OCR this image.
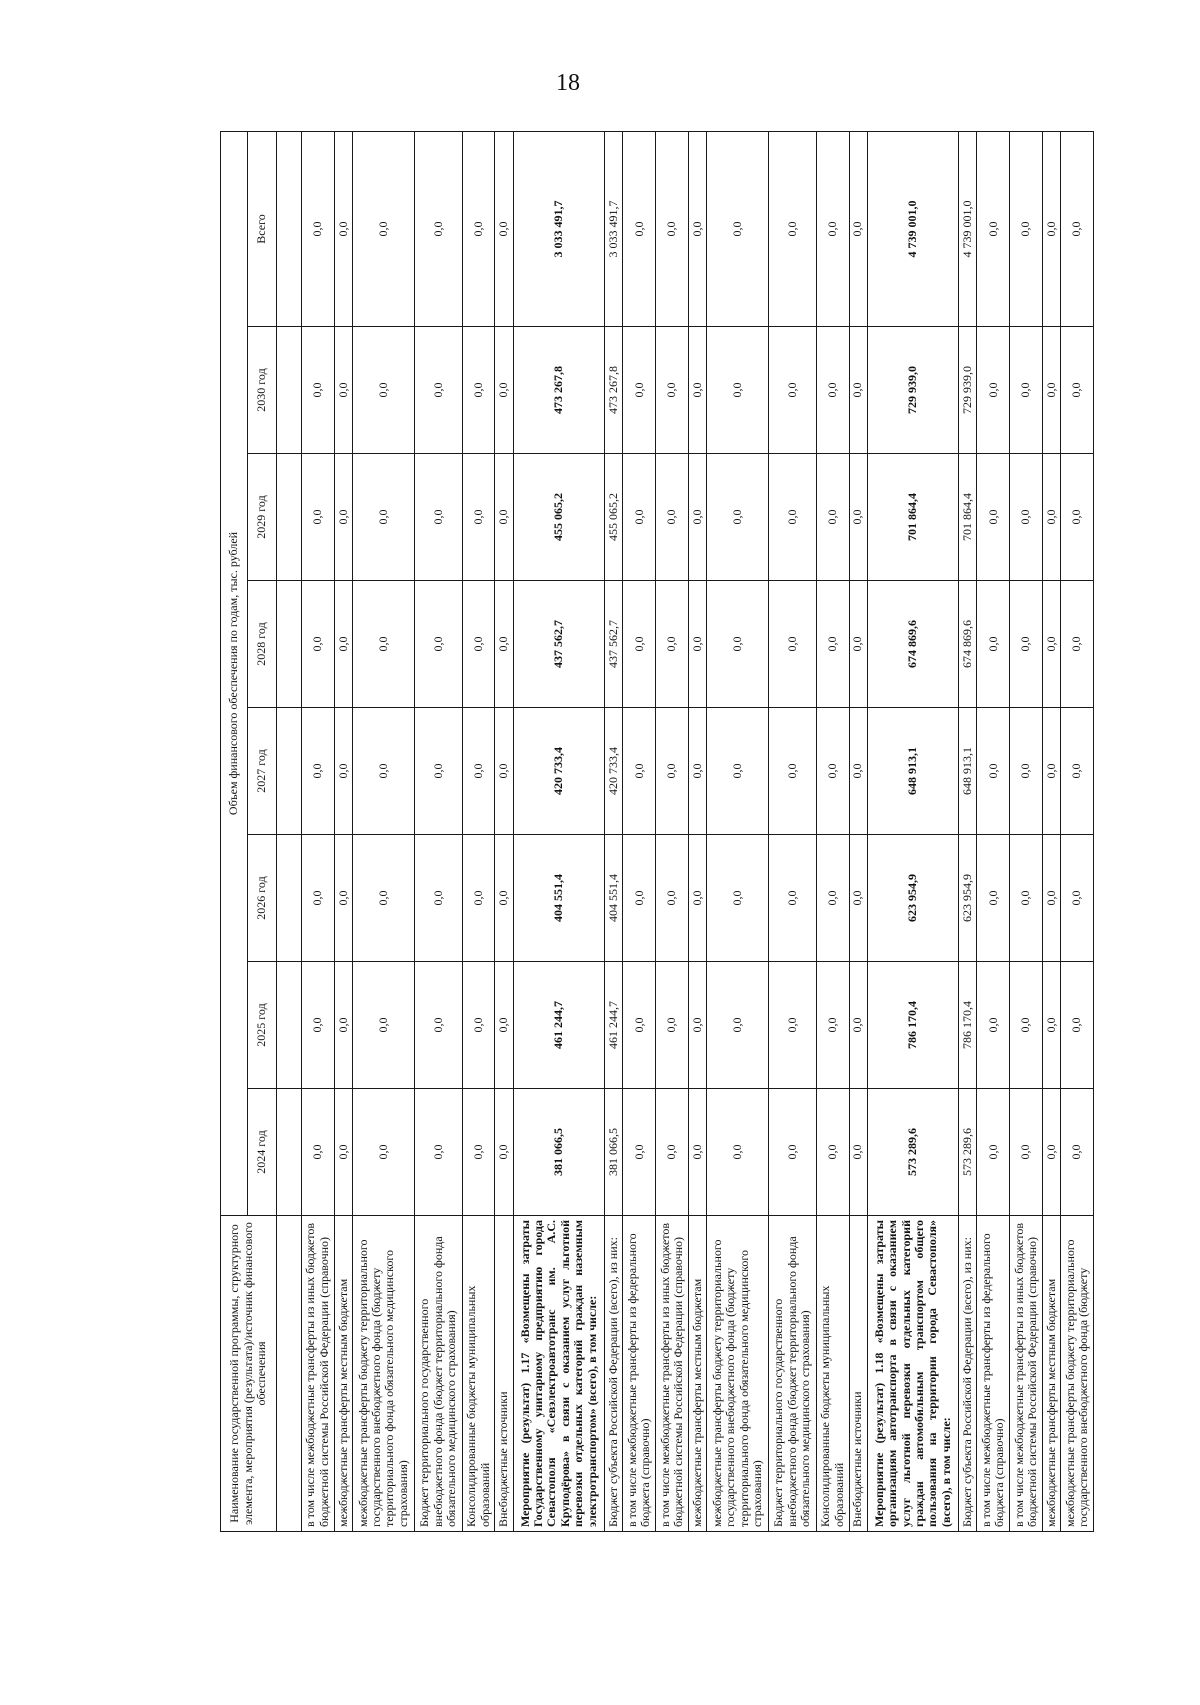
18
Наименование государственной программы, структурного элемента, мероприятия (результата)/источник финансового обеспечения	Объем финансового обеспечения по годам, тыс. рублей							
	2024 год	2025 год	2026 год	2027 год	2028 год	2029 год	2030 год	Всего

в том числе межбюджетные трансферты из иных бюджетов бюджетной системы Российской Федерации (справочно)	0,0	0,0	0,0	0,0	0,0	0,0	0,0	0,0
межбюджетные трансферты местным бюджетам	0,0	0,0	0,0	0,0	0,0	0,0	0,0	0,0
межбюджетные трансферты бюджету территориального государственного внебюджетного фонда (бюджету территориального фонда обязательного медицинского страхования)	0,0	0,0	0,0	0,0	0,0	0,0	0,0	0,0
Бюджет территориального государственного внебюджетного фонда (бюджет территориального фонда обязательного медицинского страхования)	0,0	0,0	0,0	0,0	0,0	0,0	0,0	0,0
Консолидированные бюджеты муниципальных образований	0,0	0,0	0,0	0,0	0,0	0,0	0,0	0,0
Внебюджетные источники	0,0	0,0	0,0	0,0	0,0	0,0	0,0	0,0
Мероприятие (результат) 1.17 «Возмещены затраты Государственному унитарному предприятию города Севастополя «Севэлектроавтотранс им. А.С. Круподёрова» в связи с оказанием услуг льготной перевозки отдельных категорий граждан наземным электротранспортом» (всего), в том числе:	381 066,5	461 244,7	404 551,4	420 733,4	437 562,7	455 065,2	473 267,8	3 033 491,7
Бюджет субъекта Российской Федерации (всего), из них:	381 066,5	461 244,7	404 551,4	420 733,4	437 562,7	455 065,2	473 267,8	3 033 491,7
в том числе межбюджетные трансферты из федерального бюджета (справочно)	0,0	0,0	0,0	0,0	0,0	0,0	0,0	0,0
в том числе межбюджетные трансферты из иных бюджетов бюджетной системы Российской Федерации (справочно)	0,0	0,0	0,0	0,0	0,0	0,0	0,0	0,0
межбюджетные трансферты местным бюджетам	0,0	0,0	0,0	0,0	0,0	0,0	0,0	0,0
межбюджетные трансферты бюджету территориального государственного внебюджетного фонда (бюджету территориального фонда обязательного медицинского страхования)	0,0	0,0	0,0	0,0	0,0	0,0	0,0	0,0
Бюджет территориального государственного внебюджетного фонда (бюджет территориального фонда обязательного медицинского страхования)	0,0	0,0	0,0	0,0	0,0	0,0	0,0	0,0
Консолидированные бюджеты муниципальных образований	0,0	0,0	0,0	0,0	0,0	0,0	0,0	0,0
Внебюджетные источники	0,0	0,0	0,0	0,0	0,0	0,0	0,0	0,0
Мероприятие (результат) 1.18 «Возмещены затраты организациям автотранспорта в связи с оказанием услуг льготной перевозки отдельных категорий граждан автомобильным транспортом общего пользования на территории города Севастополя» (всего), в том числе:	573 289,6	786 170,4	623 954,9	648 913,1	674 869,6	701 864,4	729 939,0	4 739 001,0
Бюджет субъекта Российской Федерации (всего), из них:	573 289,6	786 170,4	623 954,9	648 913,1	674 869,6	701 864,4	729 939,0	4 739 001,0
в том числе межбюджетные трансферты из федерального бюджета (справочно)	0,0	0,0	0,0	0,0	0,0	0,0	0,0	0,0
в том числе межбюджетные трансферты из иных бюджетов бюджетной системы Российской Федерации (справочно)	0,0	0,0	0,0	0,0	0,0	0,0	0,0	0,0
межбюджетные трансферты местным бюджетам	0,0	0,0	0,0	0,0	0,0	0,0	0,0	0,0
межбюджетные трансферты бюджету территориального государственного внебюджетного фонда (бюджету	0,0	0,0	0,0	0,0	0,0	0,0	0,0	0,0
